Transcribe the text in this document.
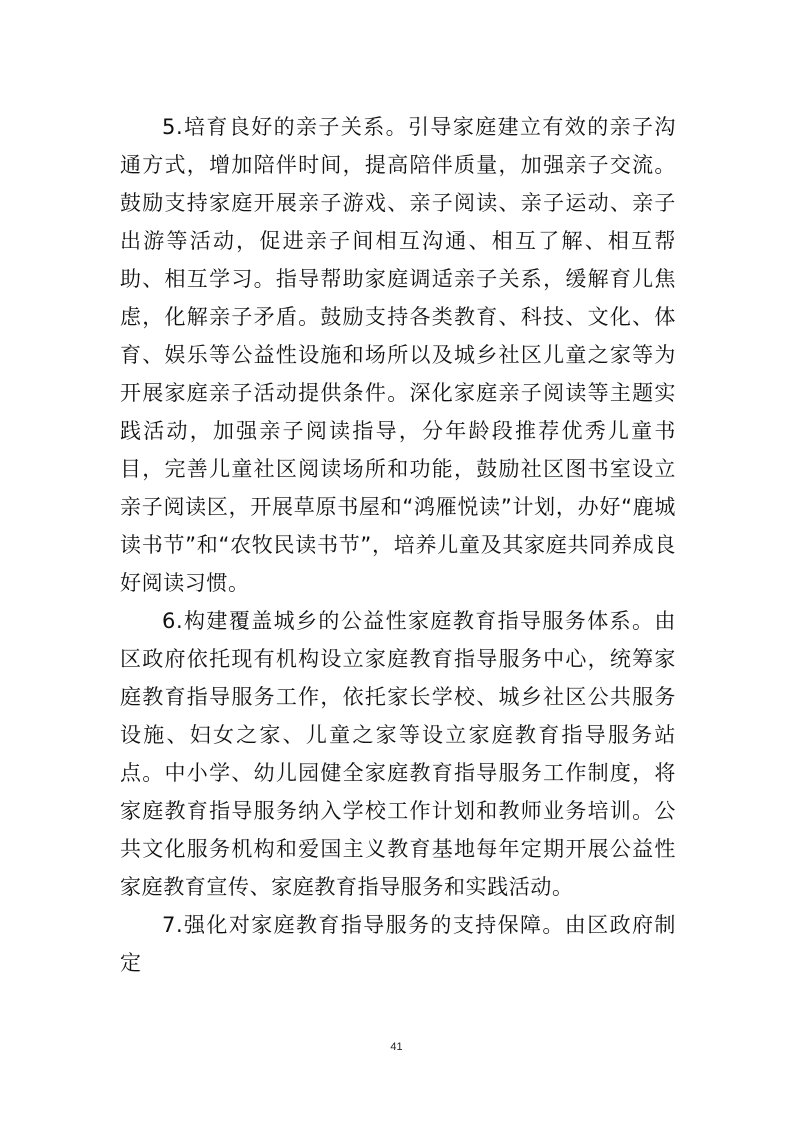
5.培育良好的亲子关系。引导家庭建立有效的亲子沟通方式，增加陪伴时间，提高陪伴质量，加强亲子交流。鼓励支持家庭开展亲子游戏、亲子阅读、亲子运动、亲子出游等活动，促进亲子间相互沟通、相互了解、相互帮助、相互学习。指导帮助家庭调适亲子关系，缓解育儿焦虑，化解亲子矛盾。鼓励支持各类教育、科技、文化、体育、娱乐等公益性设施和场所以及城乡社区儿童之家等为开展家庭亲子活动提供条件。深化家庭亲子阅读等主题实践活动，加强亲子阅读指导，分年龄段推荐优秀儿童书目，完善儿童社区阅读场所和功能，鼓励社区图书室设立亲子阅读区，开展草原书屋和“鸿雁悦读”计划，办好“鹿城读书节”和“农牧民读书节”，培养儿童及其家庭共同养成良好阅读习惯。

6.构建覆盖城乡的公益性家庭教育指导服务体系。由区政府依托现有机构设立家庭教育指导服务中心，统筹家庭教育指导服务工作，依托家长学校、城乡社区公共服务设施、妇女之家、儿童之家等设立家庭教育指导服务站点。中小学、幼儿园健全家庭教育指导服务工作制度，将家庭教育指导服务纳入学校工作计划和教师业务培训。公共文化服务机构和爱国主义教育基地每年定期开展公益性家庭教育宣传、家庭教育指导服务和实践活动。

7.强化对家庭教育指导服务的支持保障。由区政府制定

41
